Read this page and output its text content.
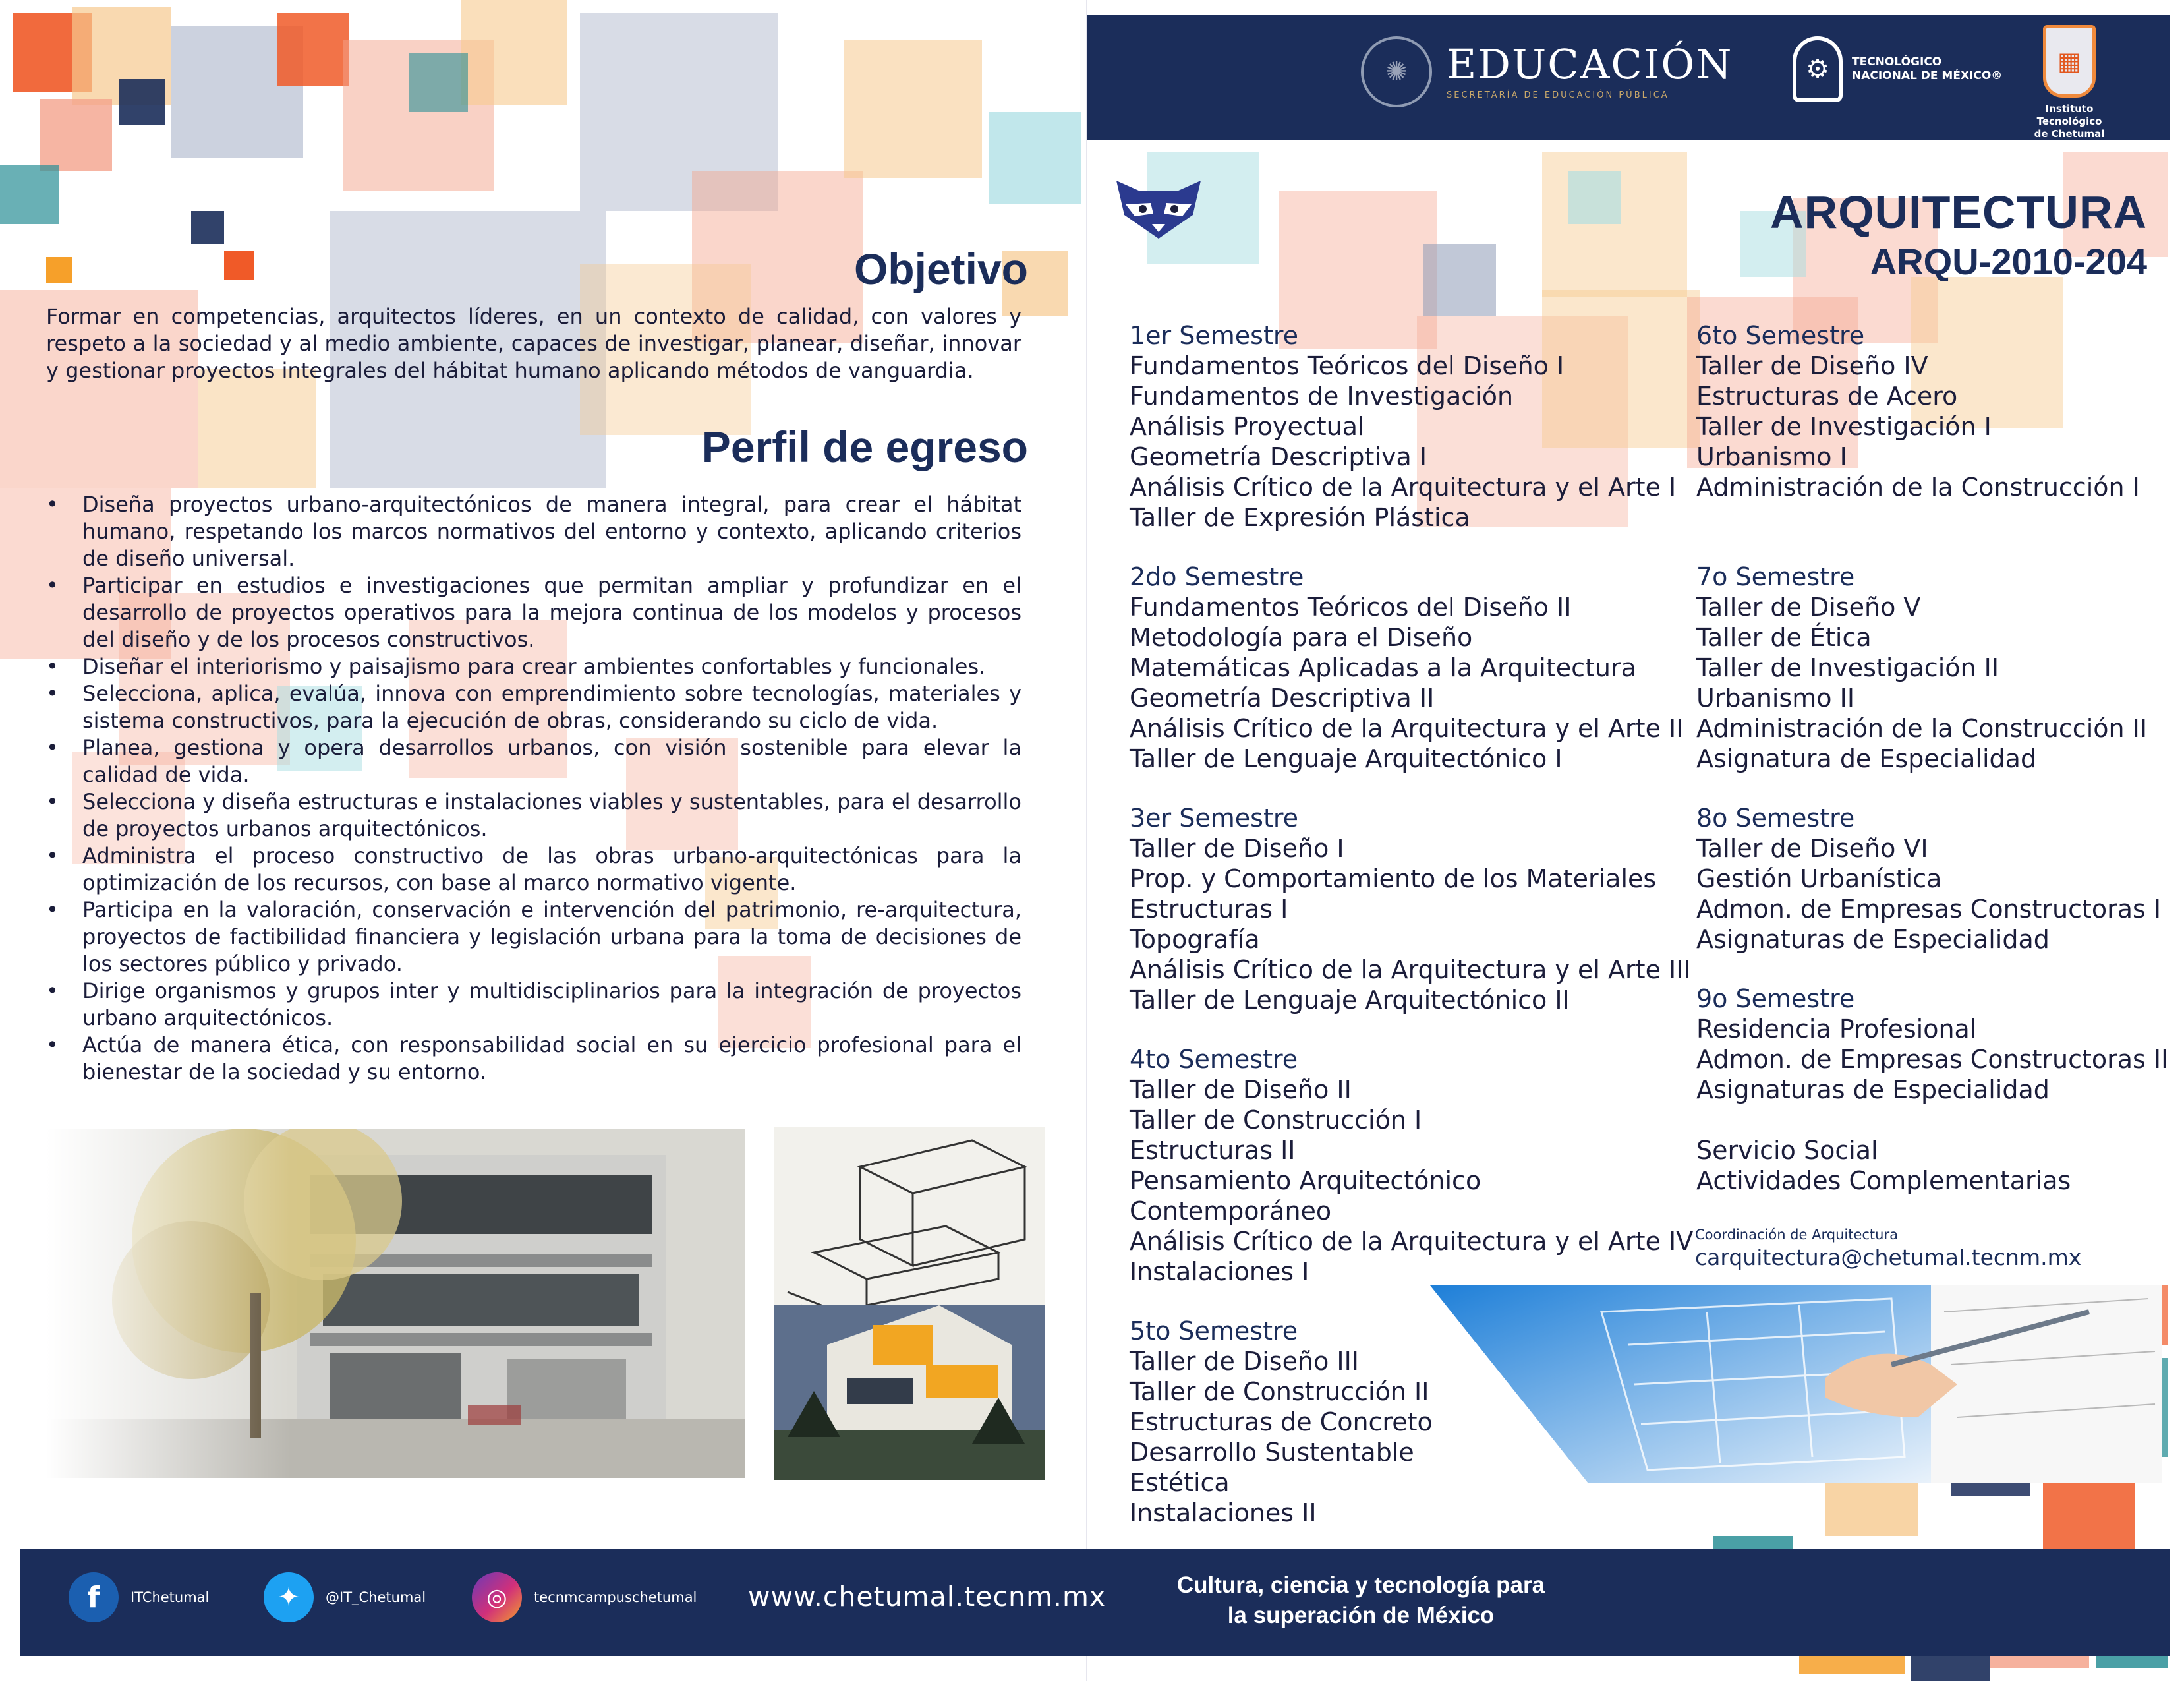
✺ EDUCACIÓN
SECRETARÍA DE EDUCACIÓN PÚBLICA
⚙	TECNOLÓGICO
NACIONAL DE MÉXICO®	▦
Instituto Tecnológico
de Chetumal
Objetivo
Formar en competencias, arquitectos líderes, en un contexto de calidad, con valores y respeto a la sociedad y al medio ambiente, capaces de investigar, planear, diseñar, innovar y gestionar proyectos integrales del hábitat humano aplicando métodos de vanguardia.
Perfil de egreso
• Diseña proyectos urbano-arquitectónicos de manera integral, para crear el hábitat humano, respetando los marcos normativos del entorno y contexto, aplicando criterios de diseño universal.
• Participar en estudios e investigaciones que permitan ampliar y profundizar en el desarrollo de proyectos operativos para la mejora continua de los modelos y procesos del diseño y de los procesos constructivos.
• Diseñar el interiorismo y paisajismo para crear ambientes confortables y funcionales.
• Selecciona, aplica, evalúa, innova con emprendimiento sobre tecnologías, materiales y sistema constructivos, para la ejecución de obras, considerando su ciclo de vida.
• Planea, gestiona y opera desarrollos urbanos, con visión sostenible para elevar la calidad de vida.
• Selecciona y diseña estructuras e instalaciones viables y sustentables, para el desarrollo de proyectos urbanos arquitectónicos.
• Administra el proceso constructivo de las obras urbano-arquitectónicas para la optimización de los recursos, con base al marco normativo vigente.
• Participa en la valoración, conservación e intervención del patrimonio, re-arquitectura, proyectos de factibilidad financiera y legislación urbana para la toma de decisiones de los sectores público y privado.
• Dirige organismos y grupos inter y multidisciplinarios para la integración de proyectos urbano arquitectónicos.
• Actúa de manera ética, con responsabilidad social en su ejercicio profesional para el bienestar de la sociedad y su entorno.
ARQUITECTURA
ARQU-2010-204
1er Semestre
Fundamentos Teóricos del Diseño I
Fundamentos de Investigación
Análisis Proyectual
Geometría Descriptiva I
Análisis Crítico de la Arquitectura y el Arte I
Taller de Expresión Plástica
2do Semestre
Fundamentos Teóricos del Diseño II
Metodología para el Diseño
Matemáticas Aplicadas a la Arquitectura
Geometría Descriptiva II
Análisis Crítico de la Arquitectura y el Arte II
Taller de Lenguaje Arquitectónico I
3er Semestre
Taller de Diseño I
Prop. y Comportamiento de los Materiales
Estructuras I
Topografía
Análisis Crítico de la Arquitectura y el Arte III
Taller de Lenguaje Arquitectónico II
4to Semestre
Taller de Diseño II
Taller de Construcción I
Estructuras II
Pensamiento Arquitectónico
Contemporáneo
Análisis Crítico de la Arquitectura y el Arte IV
Instalaciones I
5to Semestre
Taller de Diseño III
Taller de Construcción II
Estructuras de Concreto
Desarrollo Sustentable
Estética
Instalaciones II
6to Semestre
Taller de Diseño IV
Estructuras de Acero
Taller de Investigación I
Urbanismo I
Administración de la Construcción I
7o Semestre
Taller de Diseño V
Taller de Ética
Taller de Investigación II
Urbanismo II
Administración de la Construcción II
Asignatura de Especialidad
8o Semestre
Taller de Diseño VI
Gestión Urbanística
Admon. de Empresas Constructoras I
Asignaturas de Especialidad
9o Semestre
Residencia Profesional
Admon. de Empresas Constructoras II
Asignaturas de Especialidad
Servicio Social
Actividades Complementarias
Coordinación de Arquitectura
carquitectura@chetumal.tecnm.mx
f	ITChetumal	✦	@IT_Chetumal	◎	tecnmcampuschetumal www.chetumal.tecnm.mx	Cultura, ciencia y tecnología para
la superación de México
